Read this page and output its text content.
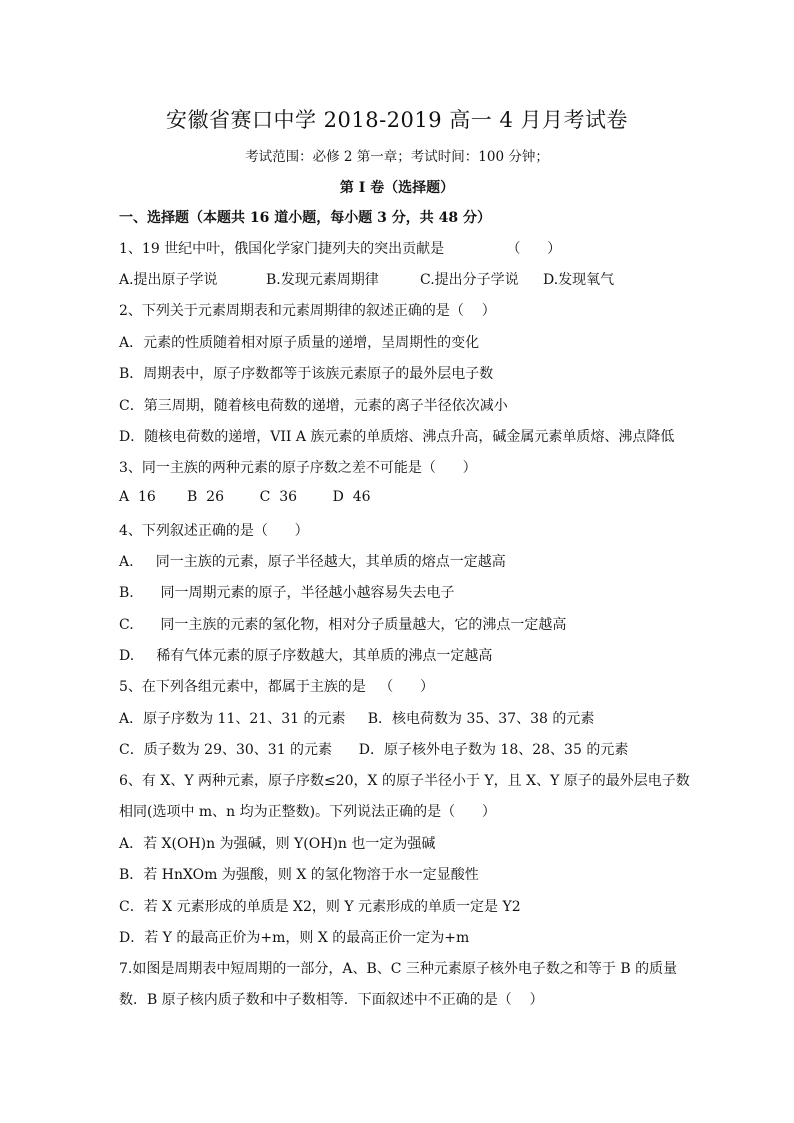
安徽省赛口中学 2018-2019 高一 4 月月考试卷
考试范围：必修 2 第一章；考试时间：100 分钟；
第 I 卷（选择题）
一、选择题（本题共 16 道小题，每小题 3 分，共 48 分）
1、19 世纪中叶，俄国化学家门捷列夫的突出贡献是              （      ）
A.提出原子学说	B.发现元素周期律	C.提出分子学说 D.发现氧气
2、下列关于元素周期表和元素周期律的叙述正确的是（    ）
A．元素的性质随着相对原子质量的递增，呈周期性的变化
B．周期表中，原子序数都等于该族元素原子的最外层电子数
C．第三周期，随着核电荷数的递增，元素的离子半径依次减小
D．随核电荷数的递增，VII A 族元素的单质熔、沸点升高，碱金属元素单质熔、沸点降低
3、同一主族的两种元素的原子序数之差不可能是（      ）
A  16       B  26        C  36        D  46
4、下列叙述正确的是（      ）
A.     同一主族的元素，原子半径越大，其单质的熔点一定越高
B.      同一周期元素的原子，半径越小越容易失去电子
C.      同一主族的元素的氢化物，相对分子质量越大，它的沸点一定越高
D.     稀有气体元素的原子序数越大，其单质的沸点一定越高
5、在下列各组元素中，都属于主族的是   （      ）
A．原子序数为 11、21、31 的元素     B．核电荷数为 35、37、38 的元素
C．质子数为 29、30、31 的元素      D．原子核外电子数为 18、28、35 的元素
6、有 X、Y 两种元素，原子序数≤20，X 的原子半径小于 Y，且 X、Y 原子的最外层电子数
相同(选项中 m、n 均为正整数)。下列说法正确的是（      ）
A．若 X(OH)n 为强碱，则 Y(OH)n 也一定为强碱
B．若 HnXOm 为强酸，则 X 的氢化物溶于水一定显酸性
C．若 X 元素形成的单质是 X2，则 Y 元素形成的单质一定是 Y2
D．若 Y 的最高正价为+m，则 X 的最高正价一定为+m
7.如图是周期表中短周期的一部分，A、B、C 三种元素原子核外电子数之和等于 B 的质量
数．B 原子核内质子数和中子数相等．下面叙述中不正确的是（    ）
